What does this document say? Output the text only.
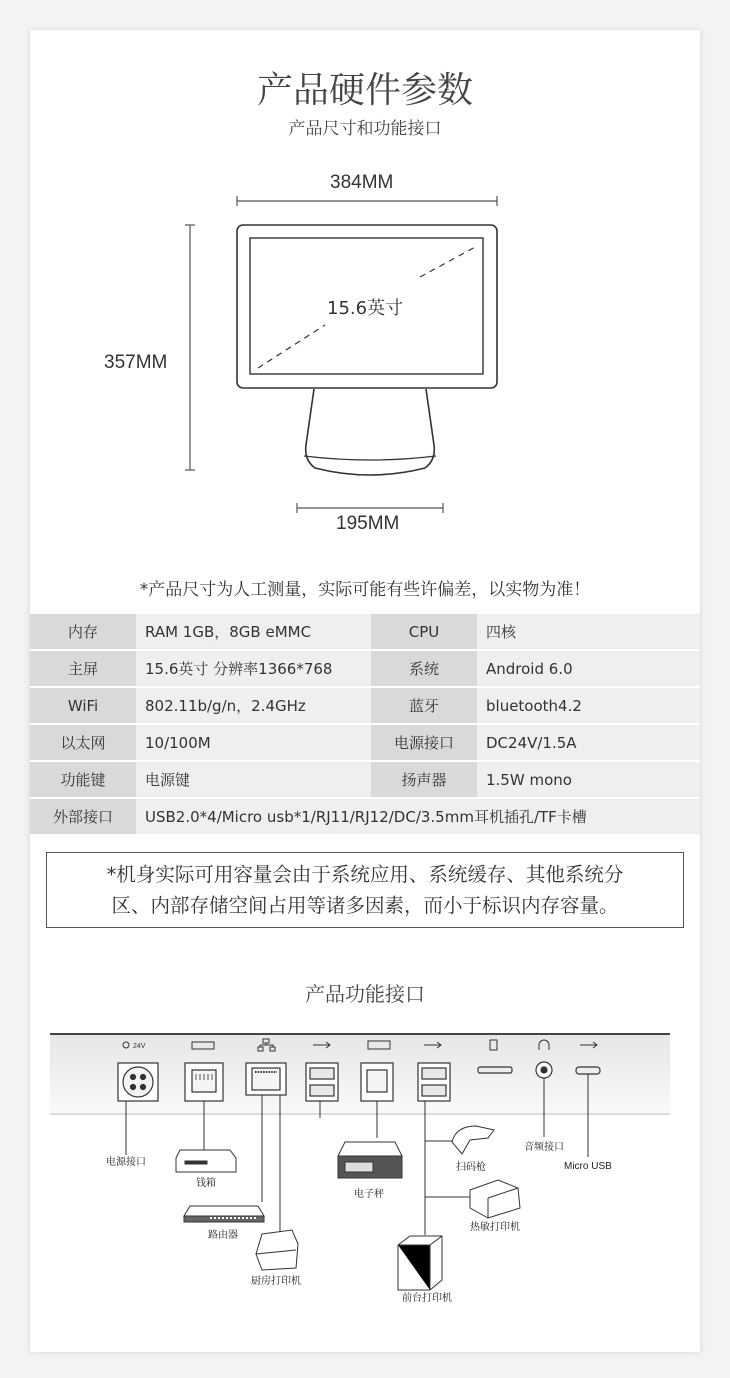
产品硬件参数
产品尺寸和功能接口
384MM
357MM
195MM
15.6英寸
*产品尺寸为人工测量，实际可能有些许偏差，以实物为准！
内存	RAM 1GB，8GB eMMC	CPU	四核
主屏	15.6英寸 分辨率1366*768	系统	Android 6.0
WiFi	802.11b/g/n，2.4GHz	蓝牙	bluetooth4.2
以太网	10/100M	电源接口	DC24V/1.5A
功能键	电源键	扬声器	1.5W mono
外部接口	USB2.0*4/Micro usb*1/RJ11/RJ12/DC/3.5mm耳机插孔/TF卡槽		
*机身实际可用容量会由于系统应用、系统缓存、其他系统分
区、内部存储空间占用等诸多因素，而小于标识内存容量。
产品功能接口
24V
电源接口
钱箱
路由器
厨房打印机
电子秤
扫码枪
热敏打印机
前台打印机
音频接口
Micro USB
